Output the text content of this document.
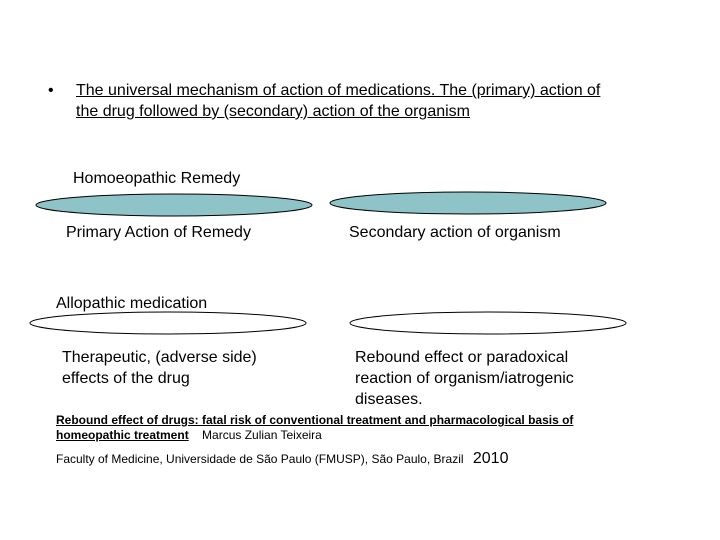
• The universal mechanism of action of medications. The (primary) action of
the drug followed by (secondary) action of the organism
Homoeopathic Remedy
Primary Action of Remedy	Secondary action of organism
Allopathic medication
Therapeutic, (adverse side)
effects of the drug
Rebound effect or paradoxical
reaction of organism/iatrogenic
diseases.
Rebound effect of drugs: fatal risk of conventional treatment and pharmacological basis of
homeopathic treatment Marcus Zulian Teixeira
Faculty of Medicine, Universidade de São Paulo (FMUSP), São Paulo, Brazil 2010
